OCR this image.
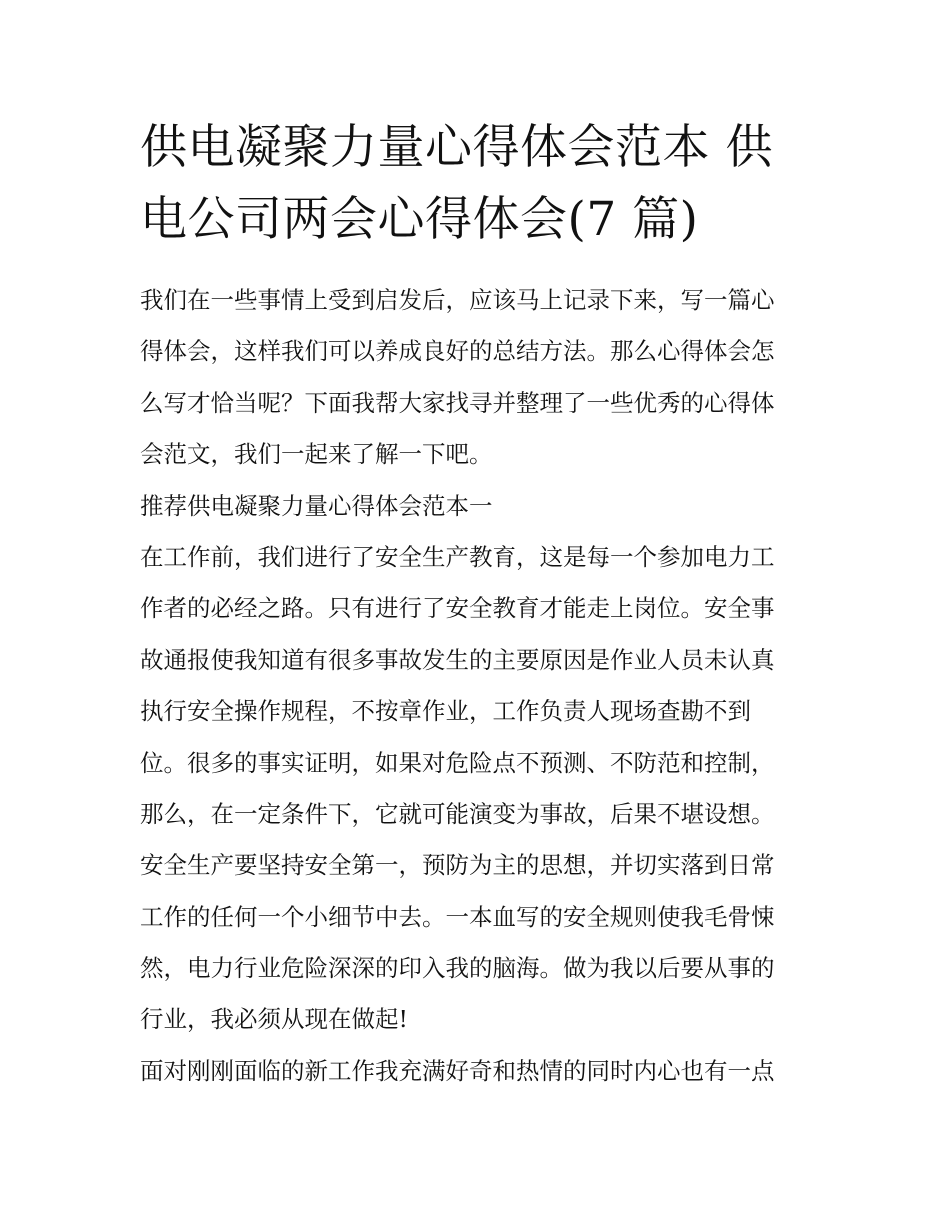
供电凝聚力量心得体会范本 供
电公司两会心得体会(7 篇)
我们在一些事情上受到启发后，应该马上记录下来，写一篇心
得体会，这样我们可以养成良好的总结方法。那么心得体会怎
么写才恰当呢？下面我帮大家找寻并整理了一些优秀的心得体
会范文，我们一起来了解一下吧。
推荐供电凝聚力量心得体会范本一
在工作前，我们进行了安全生产教育，这是每一个参加电力工
作者的必经之路。只有进行了安全教育才能走上岗位。安全事
故通报使我知道有很多事故发生的主要原因是作业人员未认真
执行安全操作规程，不按章作业，工作负责人现场查勘不到
位。很多的事实证明，如果对危险点不预测、不防范和控制，
那么，在一定条件下，它就可能演变为事故，后果不堪设想。
安全生产要坚持安全第一，预防为主的思想，并切实落到日常
工作的任何一个小细节中去。一本血写的安全规则使我毛骨悚
然，电力行业危险深深的印入我的脑海。做为我以后要从事的
行业，我必须从现在做起!
面对刚刚面临的新工作我充满好奇和热情的同时内心也有一点
